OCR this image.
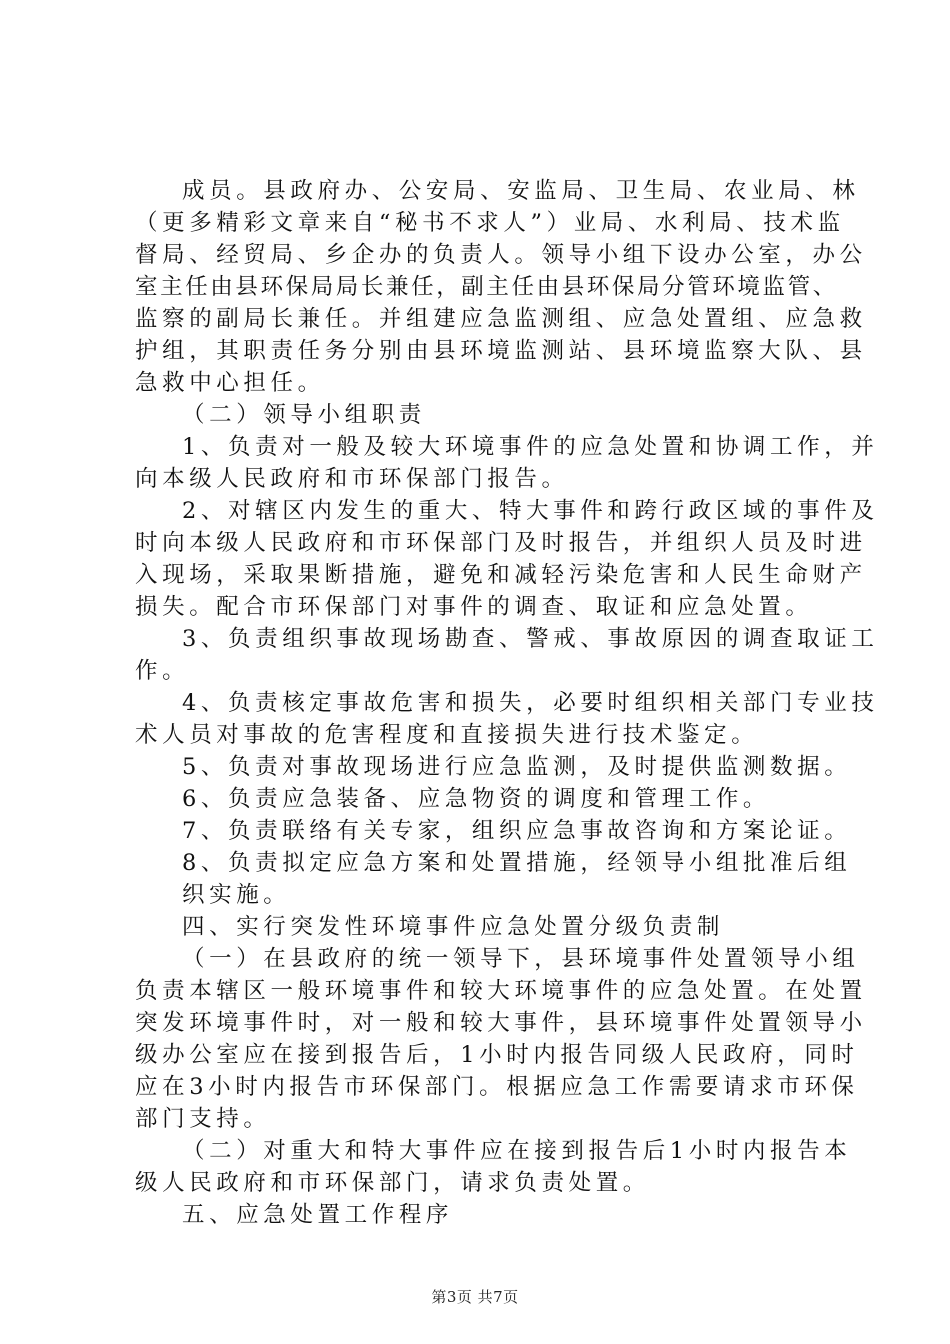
成员。县政府办、公安局、安监局、卫生局、农业局、林
（更多精彩文章来自“秘书不求人”）业局、水利局、技术监
督局、经贸局、乡企办的负责人。领导小组下设办公室，办公
室主任由县环保局局长兼任，副主任由县环保局分管环境监管、
监察的副局长兼任。并组建应急监测组、应急处置组、应急救
护组，其职责任务分别由县环境监测站、县环境监察大队、县
急救中心担任。
（二）领导小组职责
1、负责对一般及较大环境事件的应急处置和协调工作，并
向本级人民政府和市环保部门报告。
2、对辖区内发生的重大、特大事件和跨行政区域的事件及
时向本级人民政府和市环保部门及时报告，并组织人员及时进
入现场，采取果断措施，避免和减轻污染危害和人民生命财产
损失。配合市环保部门对事件的调查、取证和应急处置。
3、负责组织事故现场勘查、警戒、事故原因的调查取证工
作。
4、负责核定事故危害和损失，必要时组织相关部门专业技
术人员对事故的危害程度和直接损失进行技术鉴定。
5、负责对事故现场进行应急监测，及时提供监测数据。
6、负责应急装备、应急物资的调度和管理工作。
7、负责联络有关专家，组织应急事故咨询和方案论证。
8、负责拟定应急方案和处置措施，经领导小组批准后组
织实施。
四、实行突发性环境事件应急处置分级负责制
（一）在县政府的统一领导下，县环境事件处置领导小组
负责本辖区一般环境事件和较大环境事件的应急处置。在处置
突发环境事件时，对一般和较大事件，县环境事件处置领导小
级办公室应在接到报告后，1小时内报告同级人民政府，同时
应在3小时内报告市环保部门。根据应急工作需要请求市环保
部门支持。
（二）对重大和特大事件应在接到报告后1小时内报告本
级人民政府和市环保部门，请求负责处置。
五、应急处置工作程序
第3页 共7页
